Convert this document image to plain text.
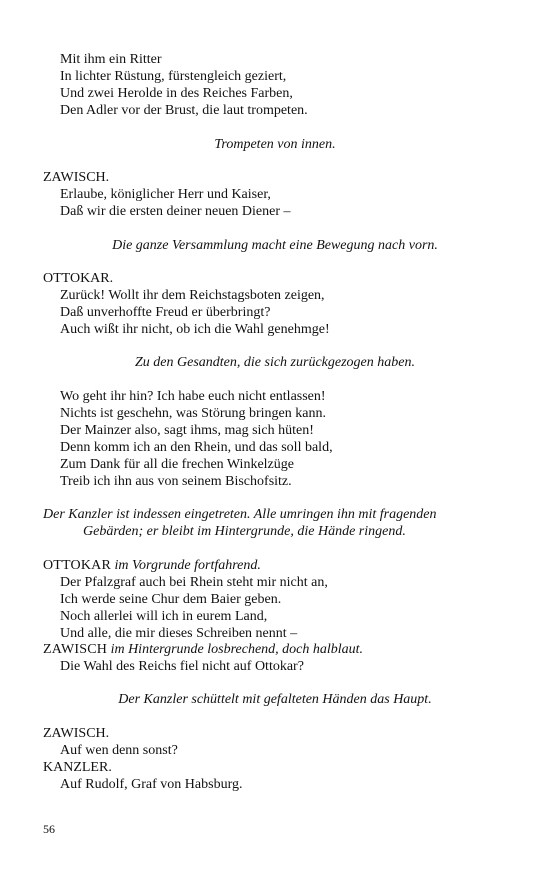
Mit ihm ein Ritter
In lichter Rüstung, fürstengleich geziert,
Und zwei Herolde in des Reiches Farben,
Den Adler vor der Brust, die laut trompeten.
Trompeten von innen.
ZAWISCH.
Erlaube, königlicher Herr und Kaiser,
Daß wir die ersten deiner neuen Diener –
Die ganze Versammlung macht eine Bewegung nach vorn.
OTTOKAR.
Zurück! Wollt ihr dem Reichstagsboten zeigen,
Daß unverhoffte Freud er überbringt?
Auch wißt ihr nicht, ob ich die Wahl genehmge!
Zu den Gesandten, die sich zurückgezogen haben.
Wo geht ihr hin? Ich habe euch nicht entlassen!
Nichts ist geschehn, was Störung bringen kann.
Der Mainzer also, sagt ihms, mag sich hüten!
Denn komm ich an den Rhein, und das soll bald,
Zum Dank für all die frechen Winkelzüge
Treib ich ihn aus von seinem Bischofsitz.
Der Kanzler ist indessen eingetreten. Alle umringen ihn mit fragenden
Gebärden; er bleibt im Hintergrunde, die Hände ringend.
OTTOKAR im Vorgrunde fortfahrend.
Der Pfalzgraf auch bei Rhein steht mir nicht an,
Ich werde seine Chur dem Baier geben.
Noch allerlei will ich in eurem Land,
Und alle, die mir dieses Schreiben nennt –
ZAWISCH im Hintergrunde losbrechend, doch halblaut.
Die Wahl des Reichs fiel nicht auf Ottokar?
Der Kanzler schüttelt mit gefalteten Händen das Haupt.
ZAWISCH.
Auf wen denn sonst?
KANZLER.
Auf Rudolf, Graf von Habsburg.
56
